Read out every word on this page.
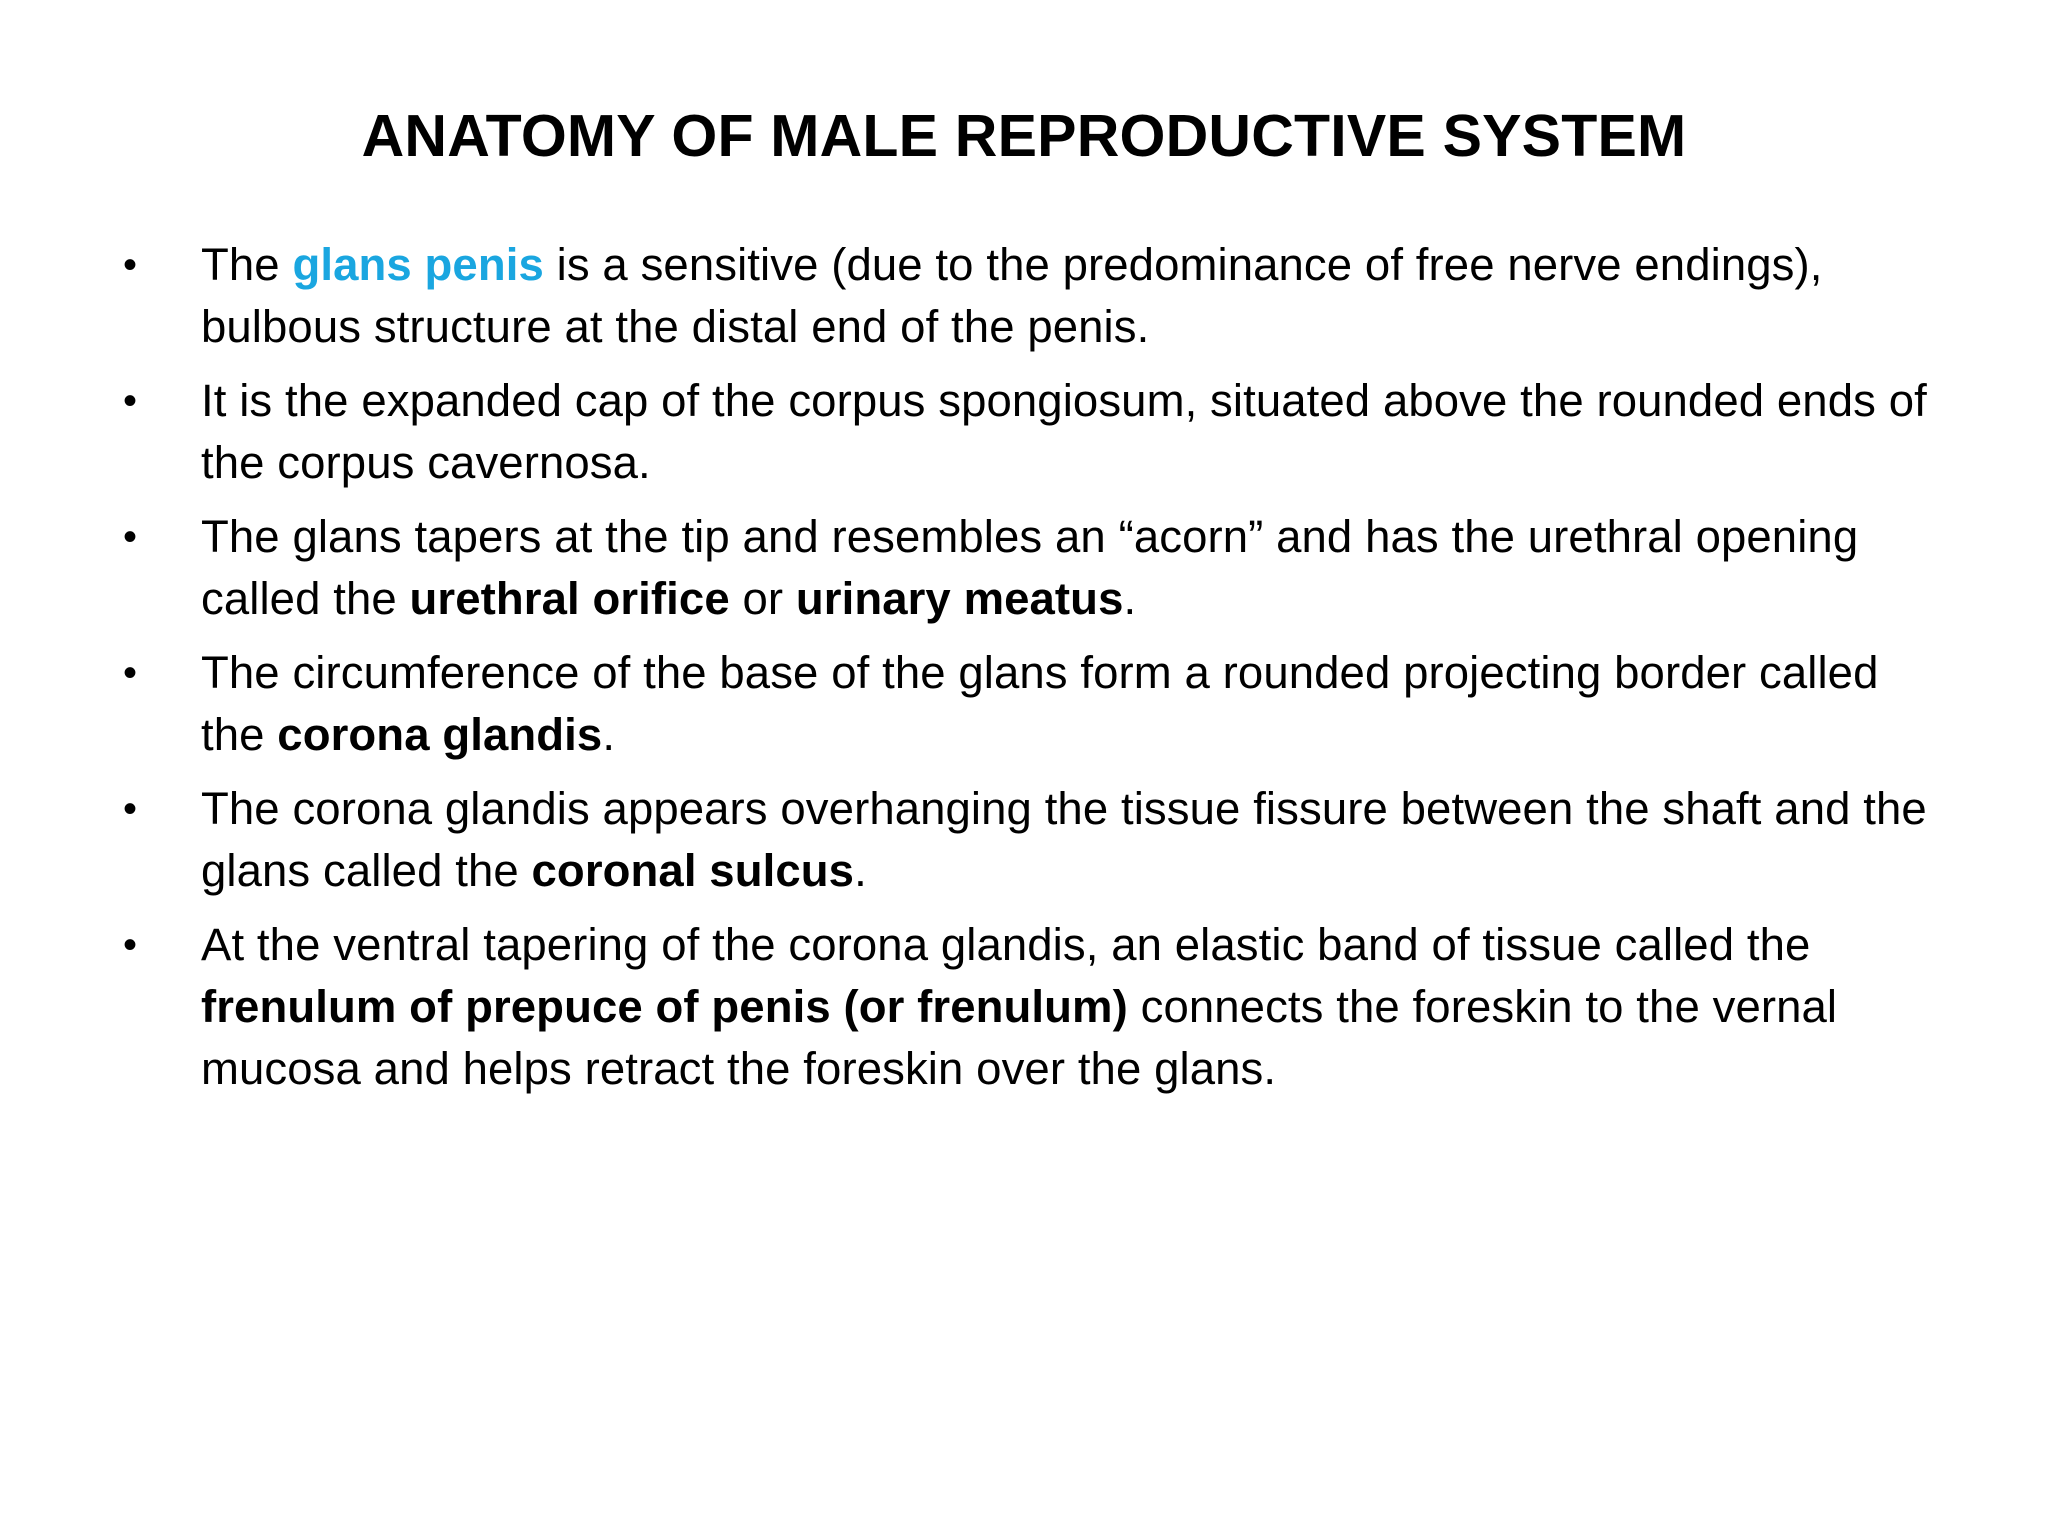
ANATOMY OF MALE REPRODUCTIVE SYSTEM
•	The glans penis is a sensitive (due to the predominance of free nerve endings), bulbous structure at the distal end of the penis.
•	It is the expanded cap of the corpus spongiosum, situated above the rounded ends of the corpus cavernosa.
•	The glans tapers at the tip and resembles an “acorn” and has the urethral opening called the urethral orifice or urinary meatus.
•	The circumference of the base of the glans form a rounded projecting border called the corona glandis.
•	The corona glandis appears overhanging the tissue fissure between the shaft and the glans called the coronal sulcus.
•	At the ventral tapering of the corona glandis, an elastic band of tissue called the frenulum of prepuce of penis (or frenulum) connects the foreskin to the vernal mucosa and helps retract the foreskin over the glans.
